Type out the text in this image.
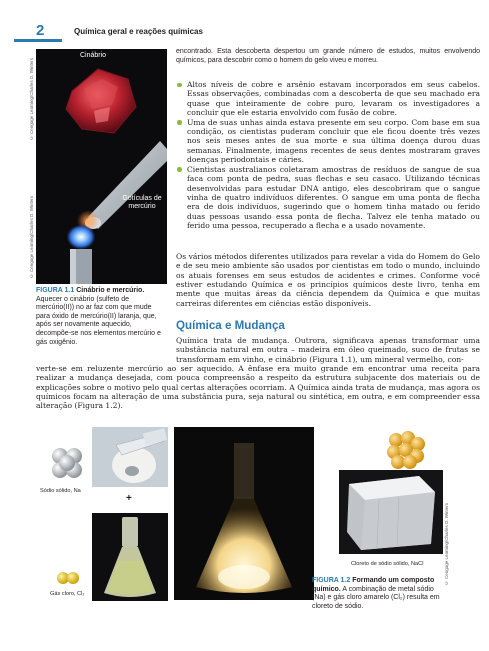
2	Química geral e reações químicas
Cinábrio
Gotículas de mercúrio
© Cengage Learning/Charles D. Winters
© Cengage Learning/Charles D. Winters
FIGURA 1.1 Cinábrio e mercúrio. Aquecer o cinábrio (sulfeto de mercúrio(II)) no ar faz com que mude para óxido de mercúrio(II) laranja, que, após ser novamente aquecido, decompõe-se nos elementos mercúrio e gás oxigênio.
encontrado. Esta descoberta despertou um grande número de estudos, muitos envolvendo químicos, para descobrir como o homem do gelo viveu e morreu.
Altos níveis de cobre e arsênio estavam incorporados em seus cabelos. Essas observações, combinadas com a descoberta de que seu machado era quase que inteiramente de cobre puro, levaram os investigadores a concluir que ele estaria envolvido com fusão de cobre.
Uma de suas unhas ainda estava presente em seu corpo. Com base em sua condição, os cientistas puderam concluir que ele ficou doente três vezes nos seis meses antes de sua morte e sua última doença durou duas semanas. Finalmente, imagens recentes de seus dentes mostraram graves doenças periodontais e cáries.
Cientistas australianos coletaram amostras de resíduos de sangue de sua faca com ponta de pedra, suas flechas e seu casaco. Utilizando técnicas desenvolvidas para estudar DNA antigo, eles descobriram que o sangue vinha de quatro indivíduos diferentes. O sangue em uma ponta de flecha era de dois indivíduos, sugerindo que o homem tinha matado ou ferido duas pessoas usando essa ponta de flecha. Talvez ele tenha matado ou ferido uma pessoa, recuperado a flecha e a usado novamente.
Os vários métodos diferentes utilizados para revelar a vida do Homem do Gelo e de seu meio ambiente são usados por cientistas em todo o mundo, incluindo os atuais forenses em seus estudos de acidentes e crimes. Conforme você estiver estudando Química e os princípios químicos deste livro, tenha em mente que muitas áreas da ciência dependem da Química e que muitas carreiras diferentes em ciências estão disponíveis.
Química e Mudança
Química trata de mudança. Outrora, significava apenas transformar uma substância natural em outra – madeira em óleo queimado, suco de frutas se transformam em vinho, e cinábrio (Figura 1.1), um mineral vermelho, con-
verte-se em reluzente mercúrio ao ser aquecido. A ênfase era muito grande em encontrar uma receita para realizar a mudança desejada, com pouca compreensão a respeito da estrutura subjacente dos materiais ou de explicações sobre o motivo pelo qual certas alterações ocorriam. A Química ainda trata de mudança, mas agora os químicos focam na alteração de uma substância pura, seja natural ou sintética, em outra, e em compreender essa alteração (Figura 1.2).
Sódio sólido, Na
+
Gás cloro, Cl₂
© Cengage Learning/Charles D. Winters
Cloreto de sódio sólido, NaCl
FIGURA 1.2 Formando um composto químico. A combinação de metal sódio (Na) e gás cloro amarelo (Cl₂) resulta em cloreto de sódio.
